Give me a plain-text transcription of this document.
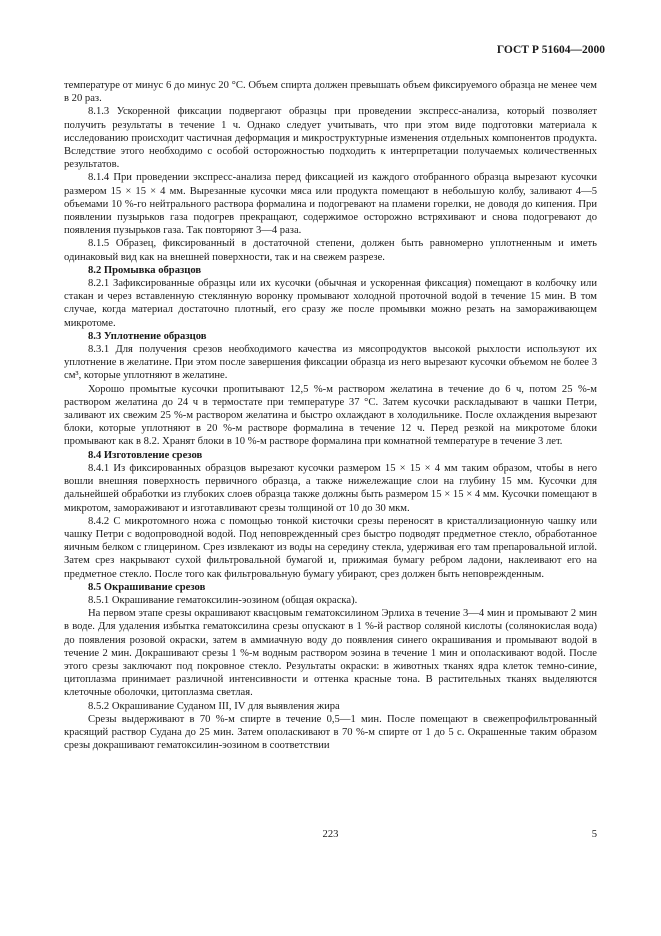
ГОСТ Р 51604—2000

температуре от минус 6 до минус 20 °С. Объем спирта должен превышать объем фиксируемого образца не менее чем в 20 раз.

8.1.3 Ускоренной фиксации подвергают образцы при проведении экспресс-анализа, который позволяет получить результаты в течение 1 ч. Однако следует учитывать, что при этом виде подготовки материала к исследованию происходит частичная деформация и микроструктурные изменения отдельных компонентов продукта. Вследствие этого необходимо с особой осторожностью подходить к интерпретации получаемых количественных результатов.

8.1.4 При проведении экспресс-анализа перед фиксацией из каждого отобранного образца вырезают кусочки размером 15 × 15 × 4 мм. Вырезанные кусочки мяса или продукта помещают в небольшую колбу, заливают 4—5 объемами 10 %-го нейтрального раствора формалина и подогревают на пламени горелки, не доводя до кипения. При появлении пузырьков газа подогрев прекращают, содержимое осторожно встряхивают и снова подогревают до появления пузырьков газа. Так повторяют 3—4 раза.

8.1.5 Образец, фиксированный в достаточной степени, должен быть равномерно уплотненным и иметь одинаковый вид как на внешней поверхности, так и на свежем разрезе.

8.2 Промывка образцов

8.2.1 Зафиксированные образцы или их кусочки (обычная и ускоренная фиксация) помещают в колбочку или стакан и через вставленную стеклянную воронку промывают холодной проточной водой в течение 15 мин. В том случае, когда материал достаточно плотный, его сразу же после промывки можно резать на замораживающем микротоме.

8.3 Уплотнение образцов

8.3.1 Для получения срезов необходимого качества из мясопродуктов высокой рыхлости используют их уплотнение в желатине. При этом после завершения фиксации образца из него вырезают кусочки объемом не более 3 см³, которые уплотняют в желатине.

Хорошо промытые кусочки пропитывают 12,5 %-м раствором желатина в течение до 6 ч, потом 25 %-м раствором желатина до 24 ч в термостате при температуре 37 °С. Затем кусочки раскладывают в чашки Петри, заливают их свежим 25 %-м раствором желатина и быстро охлаждают в холодильнике. После охлаждения вырезают блоки, которые уплотняют в 20 %-м растворе формалина в течение 12 ч. Перед резкой на микротоме блоки промывают как в 8.2. Хранят блоки в 10 %-м растворе формалина при комнатной температуре в течение 3 лет.

8.4 Изготовление срезов

8.4.1 Из фиксированных образцов вырезают кусочки размером 15 × 15 × 4 мм таким образом, чтобы в него вошли внешняя поверхность первичного образца, а также нижележащие слои на глубину 15 мм. Кусочки для дальнейшей обработки из глубоких слоев образца также должны быть размером 15 × 15 × 4 мм. Кусочки помещают в микротом, замораживают и изготавливают срезы толщиной от 10 до 30 мкм.

8.4.2 С микротомного ножа с помощью тонкой кисточки срезы переносят в кристаллизационную чашку или чашку Петри с водопроводной водой. Под неповрежденный срез быстро подводят предметное стекло, обработанное яичным белком с глицерином. Срез извлекают из воды на середину стекла, удерживая его там препаровальной иглой. Затем срез накрывают сухой фильтровальной бумагой и, прижимая бумагу ребром ладони, наклеивают его на предметное стекло. После того как фильтровальную бумагу убирают, срез должен быть неповрежденным.

8.5 Окрашивание срезов

8.5.1 Окрашивание гематоксилин-эозином (общая окраска).

На первом этапе срезы окрашивают квасцовым гематоксилином Эрлиха в течение 3—4 мин и промывают 2 мин в воде. Для удаления избытка гематоксилина срезы опускают в 1 %-й раствор соляной кислоты (солянокислая вода) до появления розовой окраски, затем в аммиачную воду до появления синего окрашивания и промывают водой в течение 2 мин. Докрашивают срезы 1 %-м водным раствором эозина в течение 1 мин и ополаскивают водой. После этого срезы заключают под покровное стекло. Результаты окраски: в животных тканях ядра клеток темно-синие, цитоплазма принимает различной интенсивности и оттенка красные тона. В растительных тканях выделяются клеточные оболочки, цитоплазма светлая.

8.5.2 Окрашивание Суданом III, IV для выявления жира

Срезы выдерживают в 70 %-м спирте в течение 0,5—1 мин. После помещают в свежепрофильтрованный красящий раствор Судана до 25 мин. Затем ополаскивают в 70 %-м спирте от 1 до 5 с. Окрашенные таким образом срезы докрашивают гематоксилин-эозином в соответствии

223	5
